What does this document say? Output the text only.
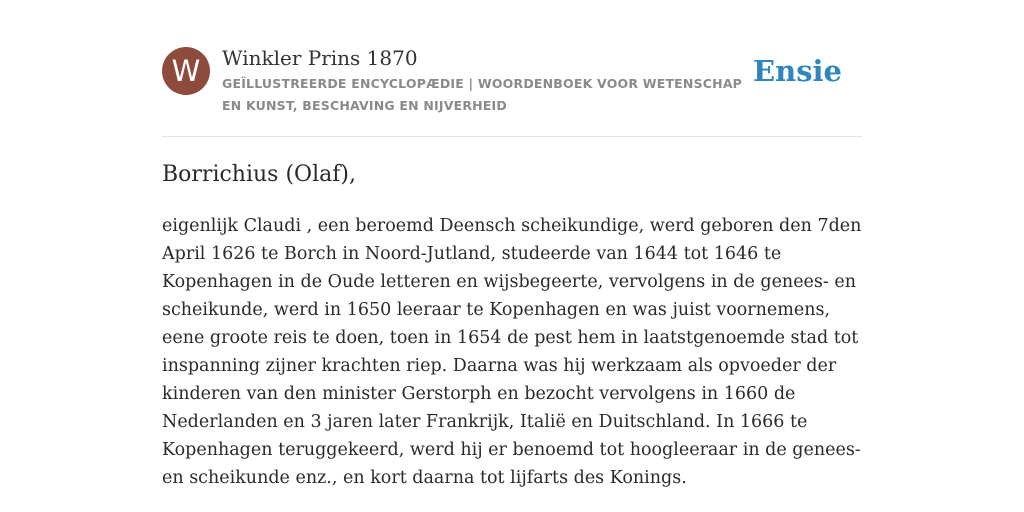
W	Winkler Prins 1870
GEÏLLUSTREERDE ENCYCLOPÆDIE | WOORDENBOEK VOOR WETENSCHAP EN KUNST, BESCHAVING EN NIJVERHEID
Ensie
Borrichius (Olaf),

eigenlijk Claudi , een beroemd Deensch scheikundige, werd geboren den 7den April 1626 te Borch in Noord-Jutland, studeerde van 1644 tot 1646 te Kopenhagen in de Oude letteren en wijsbegeerte, vervolgens in de genees- en scheikunde, werd in 1650 leeraar te Kopenhagen en was juist voornemens, eene groote reis te doen, toen in 1654 de pest hem in laatstgenoemde stad tot inspanning zijner krachten riep. Daarna was hij werkzaam als opvoeder der kinderen van den minister Gerstorph en bezocht vervolgens in 1660 de Nederlanden en 3 jaren later Frankrijk, Italië en Duitschland. In 1666 te Kopenhagen teruggekeerd, werd hij er benoemd tot hoogleeraar in de genees- en scheikunde enz., en kort daarna tot lijfarts des Konings.
